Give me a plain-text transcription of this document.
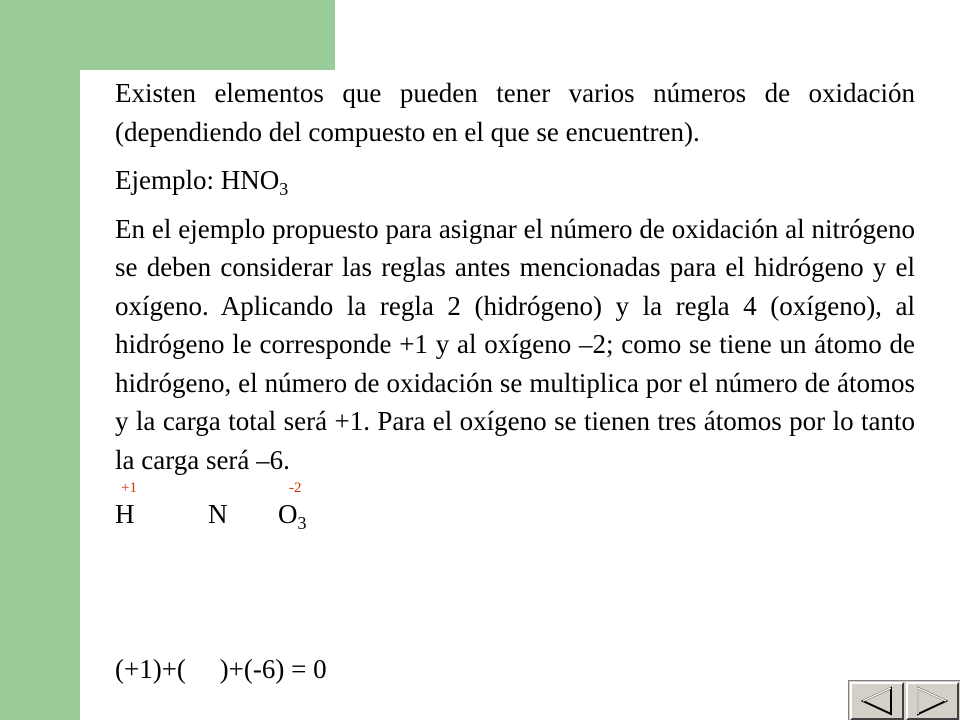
Existen elementos que pueden tener varios números de oxidación (dependiendo del compuesto en el que se encuentren).

Ejemplo: $HNO_3$

En el ejemplo propuesto para asignar el número de oxidación al nitrógeno se deben considerar las reglas antes mencionadas para el hidrógeno y el oxígeno. Aplicando la regla 2 (hidrógeno) y la regla 4 (oxígeno), al hidrógeno le corresponde +1 y al oxígeno –2; como se tiene un átomo de hidrógeno, el número de oxidación se multiplica por el número de átomos y la carga total será +1. Para el oxígeno se tienen tres átomos por lo tanto la carga será –6.

+1	-2
H	N $O_3$
(+1)+(     )+(-6) = 0
